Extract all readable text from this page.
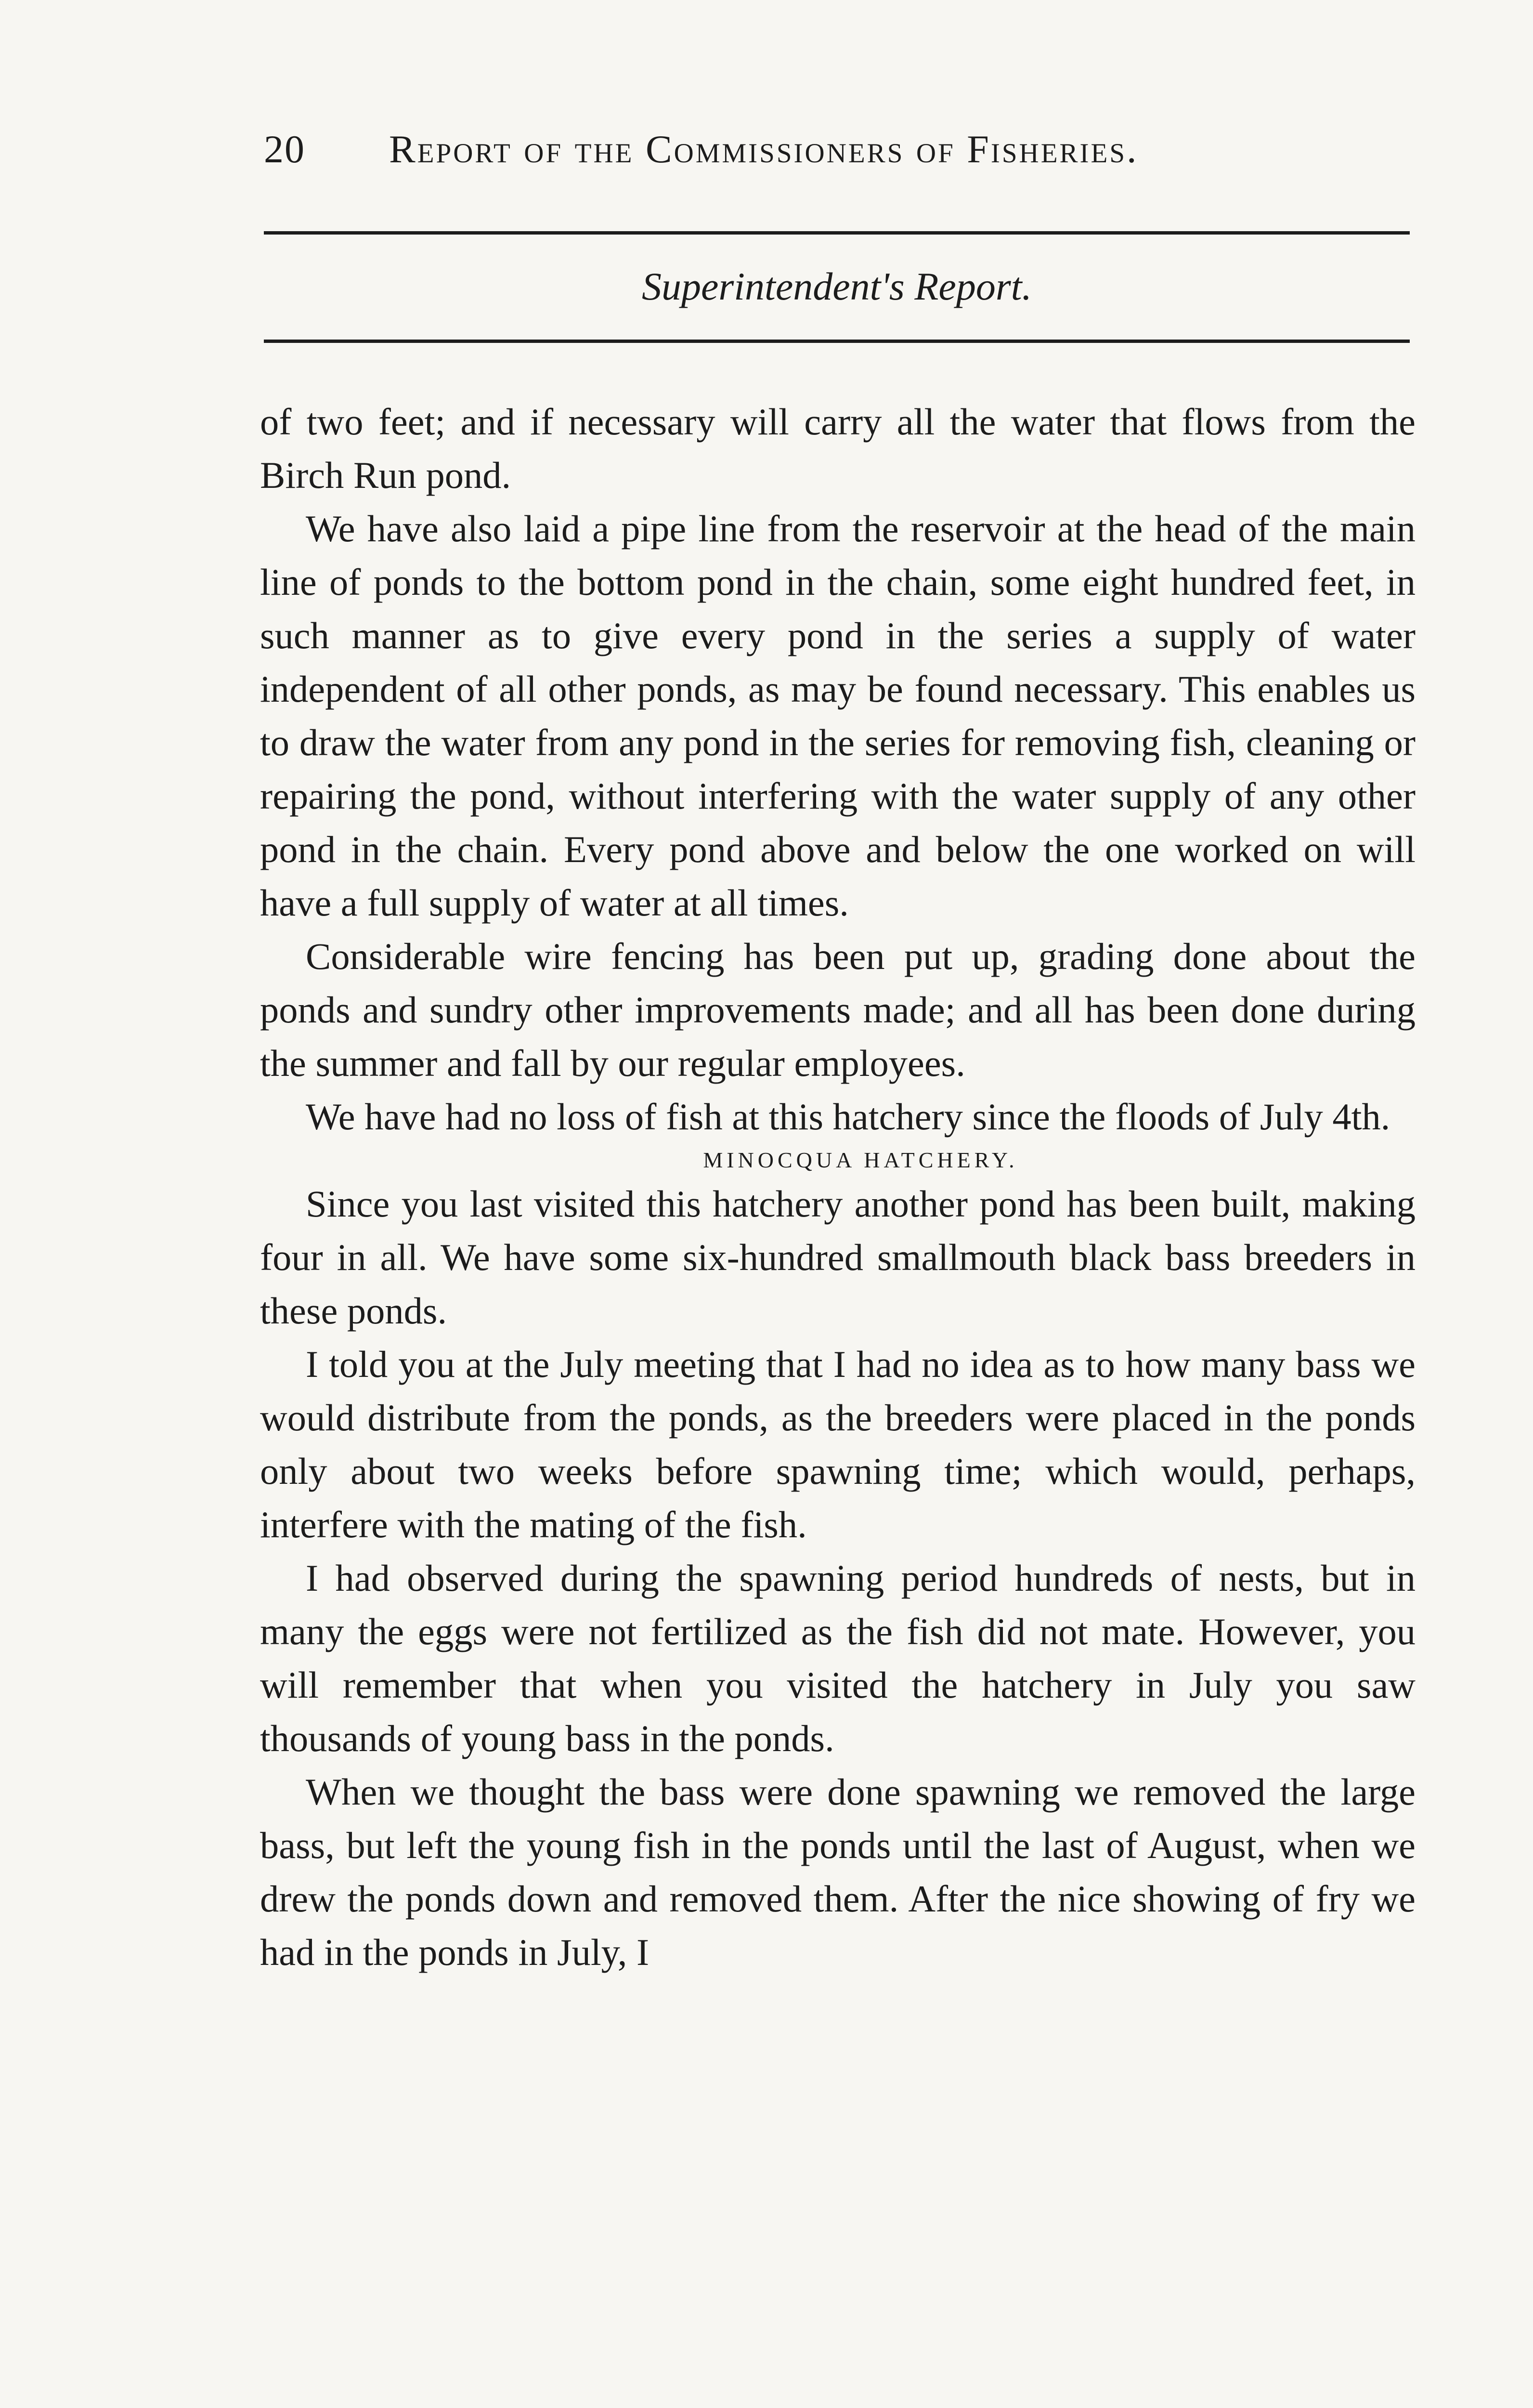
20 Report of the Commissioners of Fisheries.
Superintendent's Report.

of two feet; and if necessary will carry all the water that flows from the Birch Run pond.

We have also laid a pipe line from the reservoir at the head of the main line of ponds to the bottom pond in the chain, some eight hundred feet, in such manner as to give every pond in the series a supply of water independent of all other ponds, as may be found necessary. This enables us to draw the water from any pond in the series for removing fish, cleaning or repairing the pond, without interfering with the water supply of any other pond in the chain. Every pond above and below the one worked on will have a full supply of water at all times.

Considerable wire fencing has been put up, grading done about the ponds and sundry other improvements made; and all has been done during the summer and fall by our regular employees.

We have had no loss of fish at this hatchery since the floods of July 4th.

MINOCQUA HATCHERY.

Since you last visited this hatchery another pond has been built, making four in all. We have some six-hundred smallmouth black bass breeders in these ponds.

I told you at the July meeting that I had no idea as to how many bass we would distribute from the ponds, as the breeders were placed in the ponds only about two weeks before spawning time; which would, perhaps, interfere with the mating of the fish.

I had observed during the spawning period hundreds of nests, but in many the eggs were not fertilized as the fish did not mate. However, you will remember that when you visited the hatchery in July you saw thousands of young bass in the ponds.

When we thought the bass were done spawning we removed the large bass, but left the young fish in the ponds until the last of August, when we drew the ponds down and removed them. After the nice showing of fry we had in the ponds in July, I
